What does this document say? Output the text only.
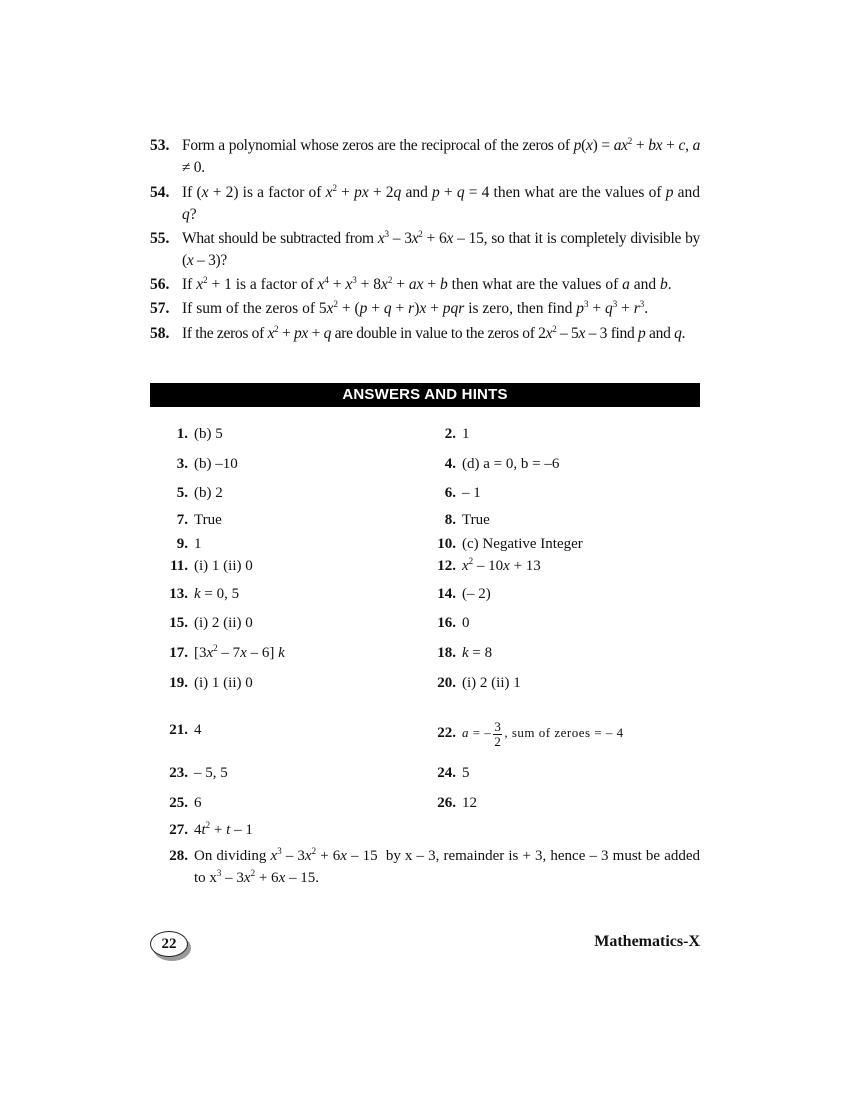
53. Form a polynomial whose zeros are the reciprocal of the zeros of $p(x) = ax^2$ + bx + c, a ≠ 0.
54. If (x + 2) is a factor of $x^2$ + px + 2q and p + q = 4 then what are the values of p and q?
55. What should be subtracted from $x^3 - 3x^2 + 6x - 15$, so that it is completely divisible by (x – 3)?
56. If $x^2 + 1$ is a factor of $x^4 + x^3 + 8x^2$ + ax + b then what are the values of a and b.
57. If sum of the zeros of $5x^2 + (p + q + r)x$ + pqr is zero, then find $p^3 + q^3 + r^3$.
58. If the zeros of $x^2$ + px + q are double in value to the zeros of $2x^2 - 5x - 3$ find p and q.
ANSWERS AND HINTS
1. (b) 5	2. 1
3. (b) –10	4. (d) a = 0, b = –6
5. (b) 2	6. – 1
7. True	8. True
9. 1	10. (c) Negative Integer
11. (i) 1 (ii) 0	12. $x^2 - 10x + 13$
13. k = 0, 5	14. (– 2)
15. (i) 2 (ii) 0	16. 0
17. $[3x^2 - 7x - 6]$ k	18. k = 8
19. (i) 1 (ii) 0	20. (i) 2 (ii) 1
21. 4	22. a = – $\frac{3}{2}$ , sum of zeroes = – 4
23. – 5, 5	24. 5
25. 6	26. 12
27. $4t^2 + t - 1$
28. On dividing $x^3 - 3x^2 + 6x - 15$  by x – 3, remainder is + 3, hence – 3 must be added to $x^3 - 3x^2 + 6x - 15$.
22	Mathematics-X
